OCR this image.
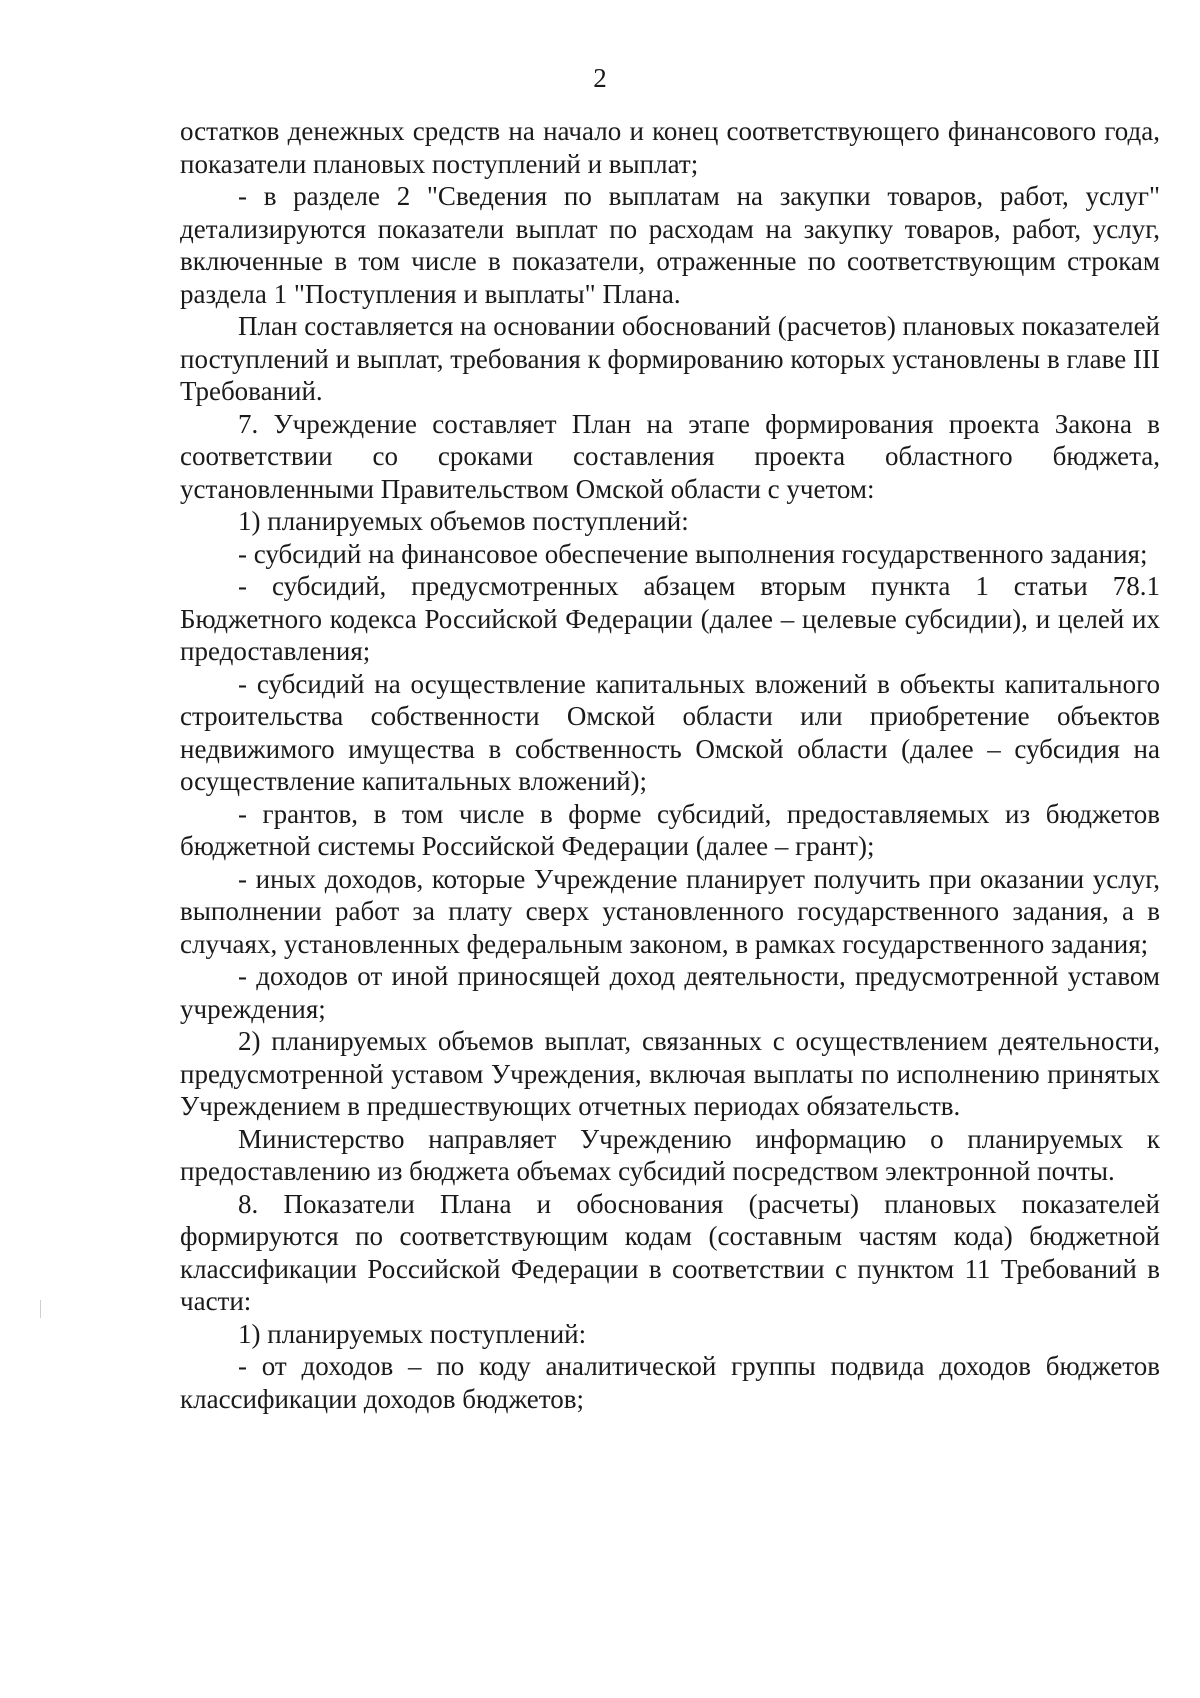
2

остатков денежных средств на начало и конец соответствующего финансового года, показатели плановых поступлений и выплат;

- в разделе 2 "Сведения по выплатам на закупки товаров, работ, услуг" детализируются показатели выплат по расходам на закупку товаров, работ, услуг, включенные в том числе в показатели, отраженные по соответствующим строкам раздела 1 "Поступления и выплаты" Плана.

План составляется на основании обоснований (расчетов) плановых показателей поступлений и выплат, требования к формированию которых установлены в главе III Требований.

7. Учреждение составляет План на этапе формирования проекта Закона в соответствии со сроками составления проекта областного бюджета, установленными Правительством Омской области с учетом:

1) планируемых объемов поступлений:

- субсидий на финансовое обеспечение выполнения государственного задания;

- субсидий, предусмотренных абзацем вторым пункта 1 статьи 78.1 Бюджетного кодекса Российской Федерации (далее – целевые субсидии), и целей их предоставления;

- субсидий на осуществление капитальных вложений в объекты капитального строительства собственности Омской области или приобретение объектов недвижимого имущества в собственность Омской области (далее – субсидия на осуществление капитальных вложений);

- грантов, в том числе в форме субсидий, предоставляемых из бюджетов бюджетной системы Российской Федерации (далее – грант);

- иных доходов, которые Учреждение планирует получить при оказании услуг, выполнении работ за плату сверх установленного государственного задания, а в случаях, установленных федеральным законом, в рамках государственного задания;

- доходов от иной приносящей доход деятельности, предусмотренной уставом учреждения;

2) планируемых объемов выплат, связанных с осуществлением деятельности, предусмотренной уставом Учреждения, включая выплаты по исполнению принятых Учреждением в предшествующих отчетных периодах обязательств.

Министерство направляет Учреждению информацию о планируемых к предоставлению из бюджета объемах субсидий посредством электронной почты.

8. Показатели Плана и обоснования (расчеты) плановых показателей формируются по соответствующим кодам (составным частям кода) бюджетной классификации Российской Федерации в соответствии с пунктом 11 Требований в части:

1) планируемых поступлений:

- от доходов – по коду аналитической группы подвида доходов бюджетов классификации доходов бюджетов;
